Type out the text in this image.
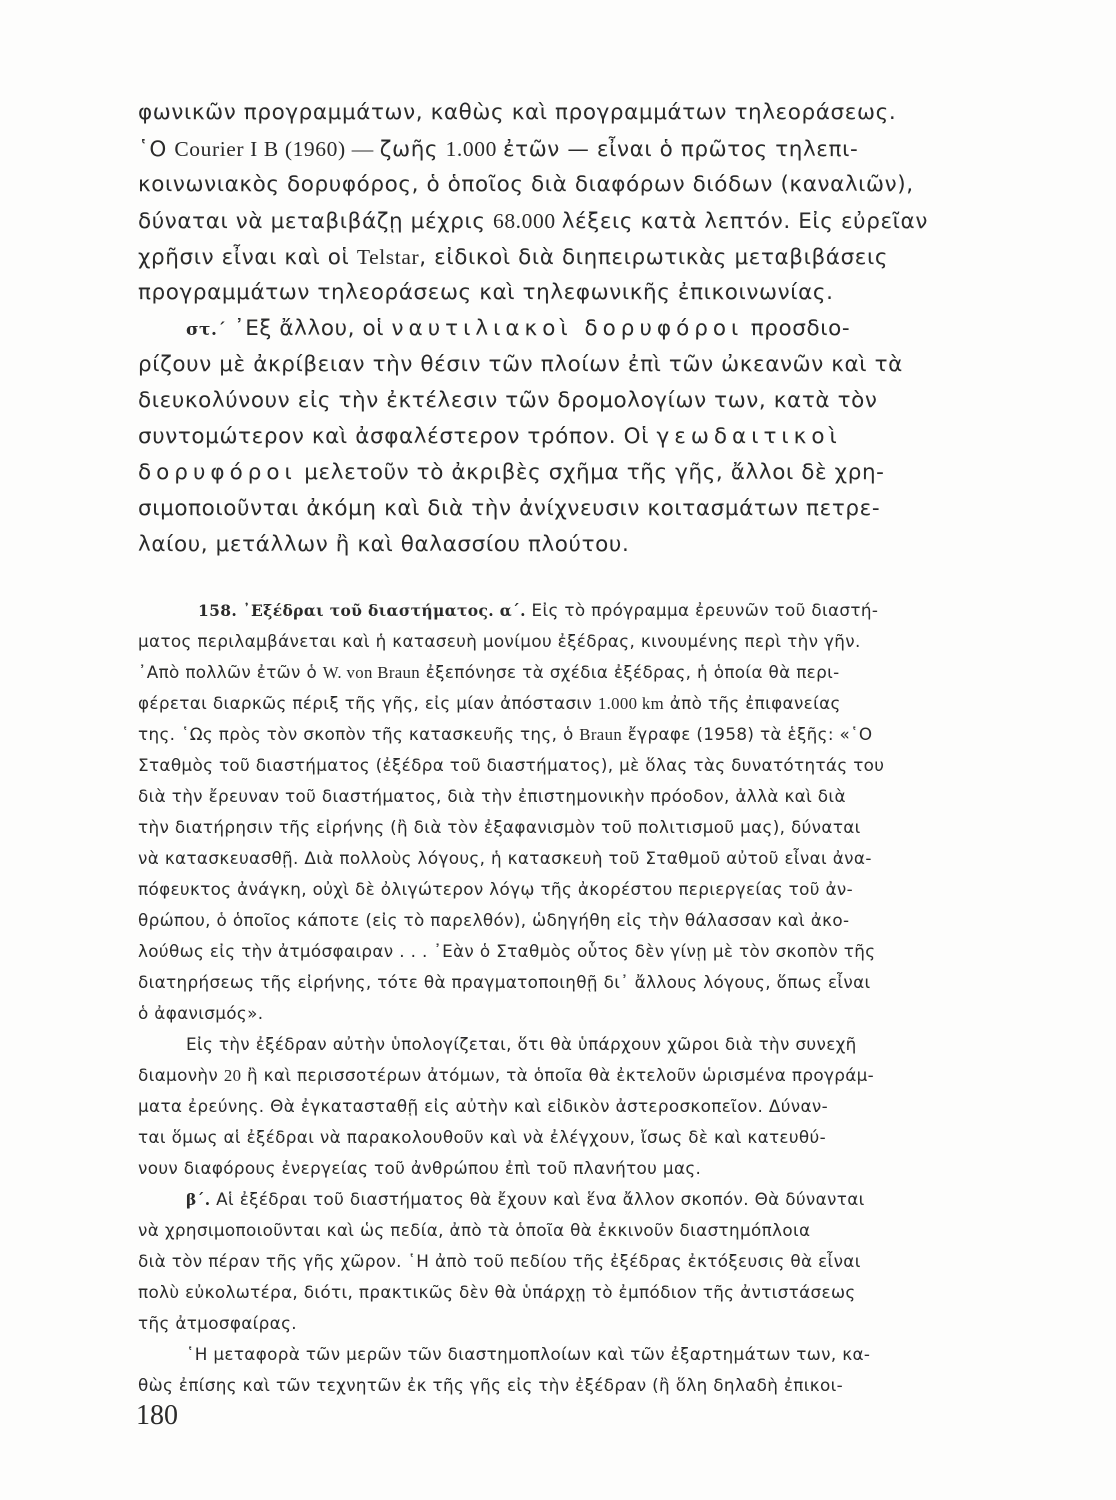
φωνικῶν προγραμμάτων, καθὼς καὶ προγραμμάτων τηλεοράσεως.
῾Ο Courier I B (1960) — ζωῆς 1.000 ἐτῶν — εἶναι ὁ πρῶτος τηλεπι-
κοινωνιακὸς δορυφόρος, ὁ ὁποῖος διὰ διαφόρων διόδων (καναλιῶν),
δύναται νὰ μεταβιβάζῃ μέχρις 68.000 λέξεις κατὰ λεπτόν. Εἰς εὐρεῖαν
χρῆσιν εἶναι καὶ οἱ Telstar, εἰδικοὶ διὰ διηπειρωτικὰς μεταβιβάσεις
προγραμμάτων τηλεοράσεως καὶ τηλεφωνικῆς ἐπικοινωνίας.
στ.΄ ᾿Εξ ἄλλου, οἱ ναυτιλιακοὶ δορυφόροι προσδιο-
ρίζουν μὲ ἀκρίβειαν τὴν θέσιν τῶν πλοίων ἐπὶ τῶν ὠκεανῶν καὶ τὰ
διευκολύνουν εἰς τὴν ἐκτέλεσιν τῶν δρομολογίων των, κατὰ τὸν
συντομώτερον καὶ ἀσφαλέστερον τρόπον. Οἱ γεωδαιτικοὶ
δορυφόροι μελετοῦν τὸ ἀκριβὲς σχῆμα τῆς γῆς, ἄλλοι δὲ χρη-
σιμοποιοῦνται ἀκόμη καὶ διὰ τὴν ἀνίχνευσιν κοιτασμάτων πετρε-
λαίου, μετάλλων ἢ καὶ θαλασσίου πλούτου.
158. ᾿Εξέδραι τοῦ διαστήματος. α΄. Εἰς τὸ πρόγραμμα ἐρευνῶν τοῦ διαστή-
ματος περιλαμβάνεται καὶ ἡ κατασευὴ μονίμου ἐξέδρας, κινουμένης περὶ τὴν γῆν.
᾿Απὸ πολλῶν ἐτῶν ὁ W. von Braun ἐξεπόνησε τὰ σχέδια ἐξέδρας, ἡ ὁποία θὰ περι-
φέρεται διαρκῶς πέριξ τῆς γῆς, εἰς μίαν ἀπόστασιν 1.000 km ἀπὸ τῆς ἐπιφανείας
της. ῾Ως πρὸς τὸν σκοπὸν τῆς κατασκευῆς της, ὁ Braun ἔγραφε (1958) τὰ ἑξῆς: «῾Ο
Σταθμὸς τοῦ διαστήματος (ἐξέδρα τοῦ διαστήματος), μὲ ὅλας τὰς δυνατότητάς του
διὰ τὴν ἔρευναν τοῦ διαστήματος, διὰ τὴν ἐπιστημονικὴν πρόοδον, ἀλλὰ καὶ διὰ
τὴν διατήρησιν τῆς εἰρήνης (ἢ διὰ τὸν ἐξαφανισμὸν τοῦ πολιτισμοῦ μας), δύναται
νὰ κατασκευασθῇ. Διὰ πολλοὺς λόγους, ἡ κατασκευὴ τοῦ Σταθμοῦ αὐτοῦ εἶναι ἀνα-
πόφευκτος ἀνάγκη, οὐχὶ δὲ ὀλιγώτερον λόγῳ τῆς ἀκορέστου περιεργείας τοῦ ἀν-
θρώπου, ὁ ὁποῖος κάποτε (εἰς τὸ παρελθόν), ὡδηγήθη εἰς τὴν θάλασσαν καὶ ἀκο-
λούθως εἰς τὴν ἀτμόσφαιραν . . . ᾿Εὰν ὁ Σταθμὸς οὗτος δὲν γίνῃ μὲ τὸν σκοπὸν τῆς
διατηρήσεως τῆς εἰρήνης, τότε θὰ πραγματοποιηθῇ δι᾿ ἄλλους λόγους, ὅπως εἶναι
ὁ ἀφανισμός».
Εἰς τὴν ἐξέδραν αὐτὴν ὑπολογίζεται, ὅτι θὰ ὑπάρχουν χῶροι διὰ τὴν συνεχῆ
διαμονὴν 20 ἢ καὶ περισσοτέρων ἀτόμων, τὰ ὁποῖα θὰ ἐκτελοῦν ὡρισμένα προγράμ-
ματα ἐρεύνης. Θὰ ἐγκατασταθῇ εἰς αὐτὴν καὶ εἰδικὸν ἀστεροσκοπεῖον. Δύναν-
ται ὅμως αἱ ἐξέδραι νὰ παρακολουθοῦν καὶ νὰ ἐλέγχουν, ἴσως δὲ καὶ κατευθύ-
νουν διαφόρους ἐνεργείας τοῦ ἀνθρώπου ἐπὶ τοῦ πλανήτου μας.
β΄. Αἱ ἐξέδραι τοῦ διαστήματος θὰ ἔχουν καὶ ἕνα ἄλλον σκοπόν. Θὰ δύνανται
νὰ χρησιμοποιοῦνται καὶ ὡς πεδία, ἀπὸ τὰ ὁποῖα θὰ ἐκκινοῦν διαστημόπλοια
διὰ τὸν πέραν τῆς γῆς χῶρον. ῾Η ἀπὸ τοῦ πεδίου τῆς ἐξέδρας ἐκτόξευσις θὰ εἶναι
πολὺ εὐκολωτέρα, διότι, πρακτικῶς δὲν θὰ ὑπάρχῃ τὸ ἐμπόδιον τῆς ἀντιστάσεως
τῆς ἀτμοσφαίρας.
῾Η μεταφορὰ τῶν μερῶν τῶν διαστημοπλοίων καὶ τῶν ἐξαρτημάτων των, κα-
θὼς ἐπίσης καὶ τῶν τεχνητῶν ἐκ τῆς γῆς εἰς τὴν ἐξέδραν (ἢ ὅλη δηλαδὴ ἐπικοι-
180
